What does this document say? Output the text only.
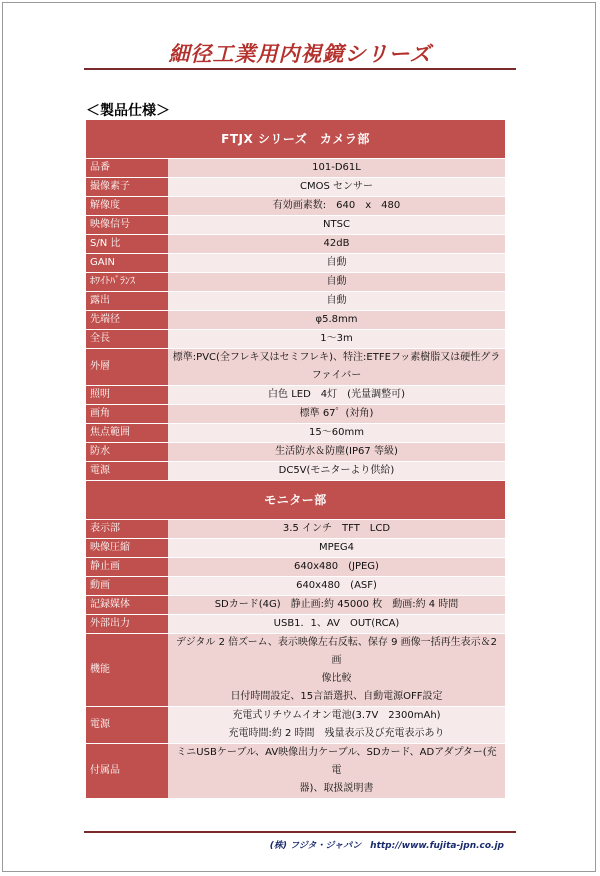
細径工業用内視鏡シリーズ
＜製品仕様＞
FTJX シリーズ　カメラ部	
品番	101-D61L

撮像素子	CMOS センサー

解像度	有効画素数:　640　x　480

映像信号	NTSC

S/N 比	42dB

GAIN	自動

ﾎﾜｲﾄﾊﾞﾗﾝｽ	自動

露出	自動

先端径	φ5.8mm

全長	1～3m

外層	標準:PVC(全フレキ又はセミフレキ)、特注:ETFEフッ素樹脂又は硬性グラ
ファイバー

照明	白色 LED　4灯　(光量調整可)

画角	標準 67゜(対角)

焦点範囲	15～60mm

防水	生活防水＆防塵(IP67 等級)

電源	DC5V(モニターより供給)

モニター部	
表示部	3.5 インチ　TFT　LCD

映像圧縮	MPEG4

静止画	640x480　(JPEG)

動画	640x480　(ASF)

記録媒体	SDカード(4G)　静止画:約 45000 枚　動画:約 4 時間

外部出力	USB1．1、AV　OUT(RCA)

機能	デジタル 2 倍ズーム、表示映像左右反転、保存 9 画像一括再生表示＆2画
像比較
日付時間設定、15言語選択、自動電源OFF設定

電源	充電式リチウムイオン電池(3.7V　2300mAh)
充電時間:約 2 時間　残量表示及び充電表示あり

付属品	ミニUSBケーブル、AV映像出力ケーブル、SDカード、ADアダプター(充電
器)、取扱説明書
(株) フジタ・ジャパン　http://www.fujita-jpn.co.jp
